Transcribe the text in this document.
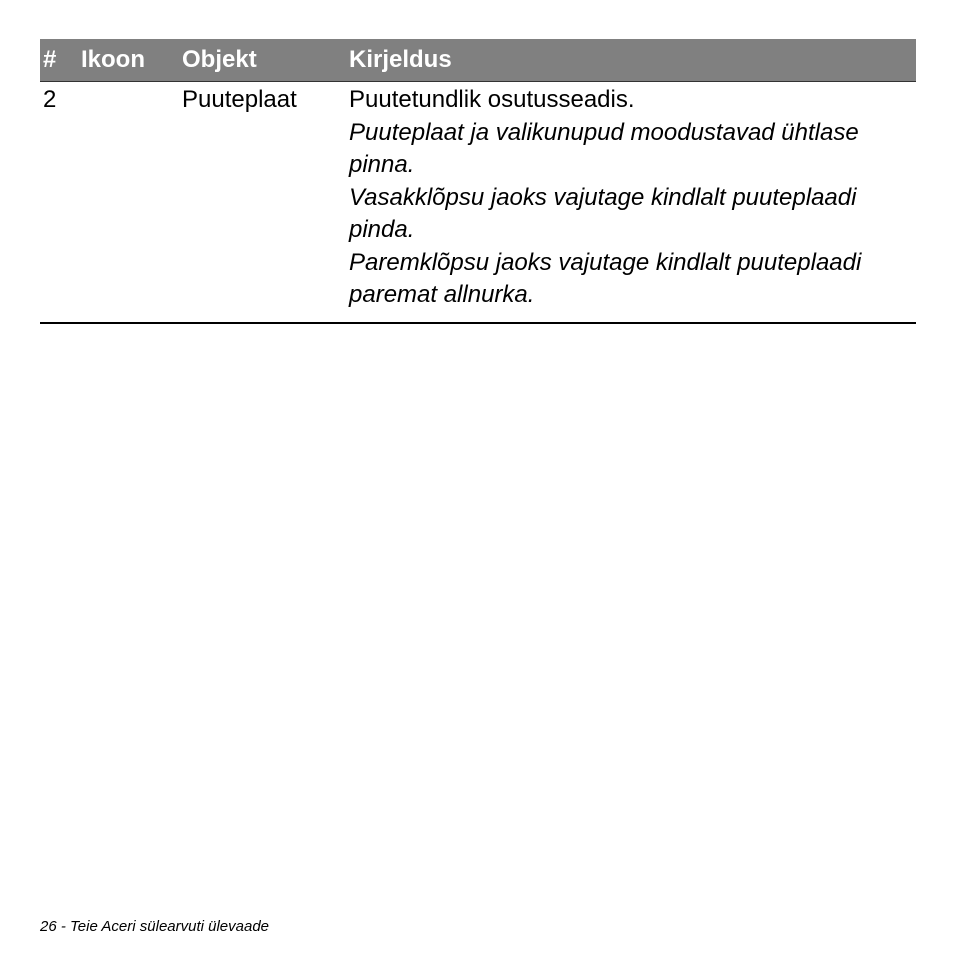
#	Ikoon	Objekt	Kirjeldus
2		Puuteplaat	Puutetundlik osutusseadis.
Puuteplaat ja valikunupud moodustavad ühtlase pinna.
Vasakklõpsu jaoks vajutage kindlalt puuteplaadi pinda.
Paremklõpsu jaoks vajutage kindlalt puuteplaadi paremat allnurka.
26 - Teie Aceri sülearvuti ülevaade
